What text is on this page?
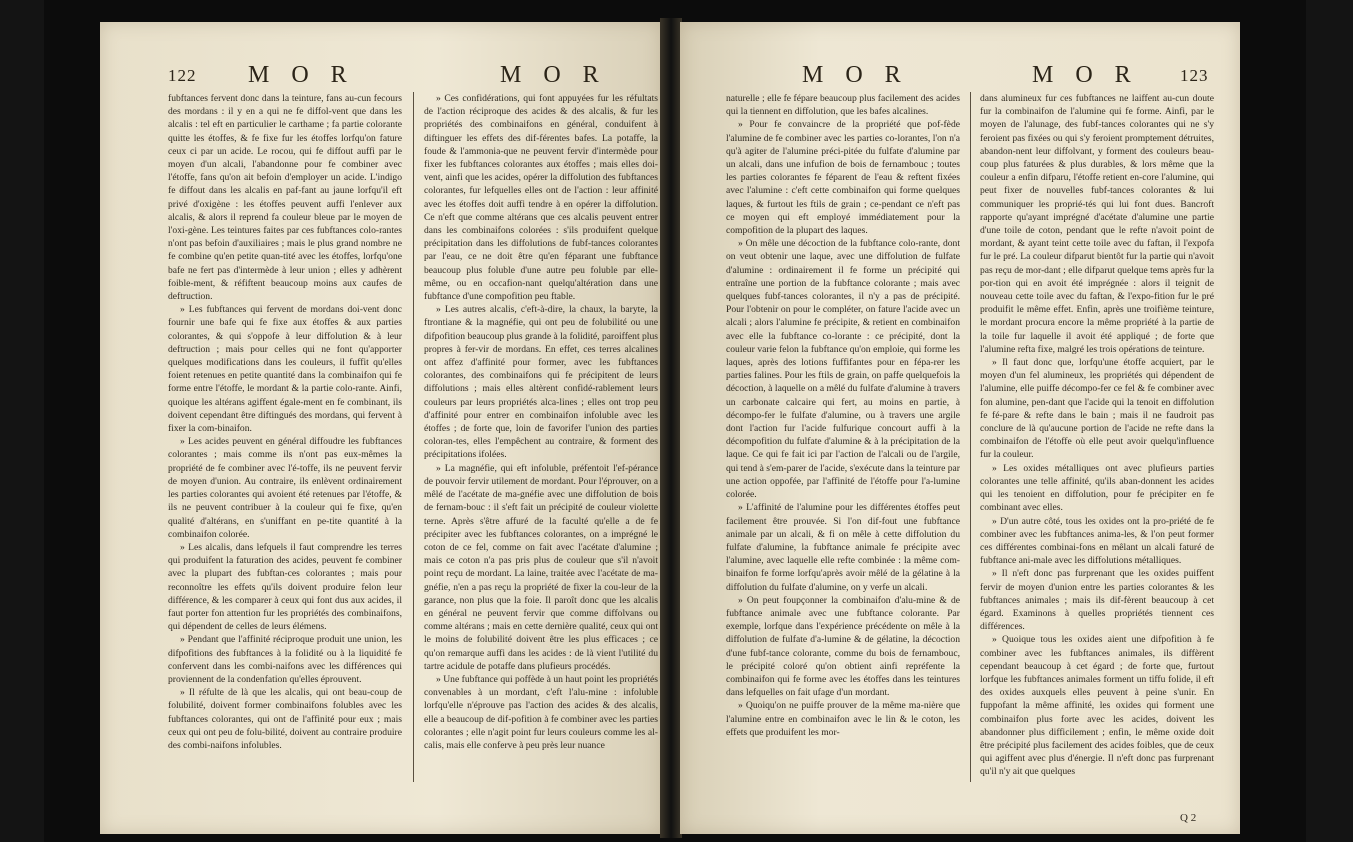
122 M O R	M O R

fubftances fervent donc dans la teinture, fans au-cun fecours des mordans : il y en a qui ne fe diffol-vent que dans les alcalis : tel eft en particulier le carthame ; fa partie colorante quitte les étoffes, & fe fixe fur les étoffes lorfqu'on fature ceux ci par un acide. Le rocou, qui fe diffout auffi par le moyen d'un alcali, l'abandonne pour fe combiner avec l'étoffe, fans qu'on ait befoin d'employer un acide. L'indigo fe diffout dans les alcalis en paf-fant au jaune lorfqu'il eft privé d'oxigène : les étoffes peuvent auffi l'enlever aux alcalis, & alors il reprend fa couleur bleue par le moyen de l'oxi-gène. Les teintures faites par ces fubftances colo-rantes n'ont pas befoin d'auxiliaires ; mais le plus grand nombre ne fe combine qu'en petite quan-tité avec les étoffes, lorfqu'one bafe ne fert pas d'intermède à leur union ; elles y adhèrent foible-ment, & réfiftent beaucoup moins aux caufes de deftruction.

» Les fubftances qui fervent de mordans doi-vent donc fournir une bafe qui fe fixe aux étoffes & aux parties colorantes, & qui s'oppofe à leur diffolution & à leur deftruction ; mais pour celles qui ne font qu'apporter quelques modifications dans les couleurs, il fuffit qu'elles foient retenues en petite quantité dans la combinaifon qui fe forme entre l'étoffe, le mordant & la partie colo-rante. Ainfi, quoique les altérans agiffent égale-ment en fe combinant, ils doivent cependant être diftingués des mordans, qui fervent à fixer la com-binaifon.

» Les acides peuvent en général diffoudre les fubftances colorantes ; mais comme ils n'ont pas eux-mêmes la propriété de fe combiner avec l'é-toffe, ils ne peuvent fervir de moyen d'union. Au contraire, ils enlèvent ordinairement les parties colorantes qui avoient été retenues par l'étoffe, & ils ne peuvent contribuer à la couleur qui fe fixe, qu'en qualité d'altérans, en s'uniffant en pe-tite quantité à la combinaifon colorée.

» Les alcalis, dans lefquels il faut comprendre les terres qui produifent la faturation des acides, peuvent fe combiner avec la plupart des fubftan-ces colorantes ; mais pour reconnoître les effets qu'ils doivent produire felon leur différence, & les comparer à ceux qui font dus aux acides, il faut porter fon attention fur les propriétés des combinaifons, qui dépendent de celles de leurs élémens.

» Pendant que l'affinité réciproque produit une union, les difpofitions des fubftances à la folidité ou à la liquidité fe confervent dans les combi-naifons avec les différences qui proviennent de la condenfation qu'elles éprouvent.

» Il réfulte de là que les alcalis, qui ont beau-coup de folubilité, doivent former combinaifons folubles avec les fubftances colorantes, qui ont de l'affinité pour eux ; mais ceux qui ont peu de folu-bilité, doivent au contraire produire des combi-naifons infolubles.

» Ces confidérations, qui font appuyées fur les réfultats de l'action réciproque des acides & des alcalis, & fur les propriétés des combinaifons en général, conduifent à diftinguer les effets des dif-férentes bafes. La potaffe, la foude & l'ammonia-que ne peuvent fervir d'intermède pour fixer les fubftances colorantes aux étoffes ; mais elles doi-vent, ainfi que les acides, opérer la diffolution des fubftances colorantes, fur lefquelles elles ont de l'action : leur affinité avec les étoffes doit auffi tendre à en opérer la diffolution. Ce n'eft que comme altérans que ces alcalis peuvent entrer dans les combinaifons colorées : s'ils produifent quelque précipitation dans les diffolutions de fubf-tances colorantes par l'eau, ce ne doit être qu'en féparant une fubftance beaucoup plus foluble d'une autre peu foluble par elle-même, ou en occafion-nant quelqu'altération dans une fubftance d'une compofition peu ftable.

» Les autres alcalis, c'eft-à-dire, la chaux, la baryte, la ftrontiane & la magnéfie, qui ont peu de folubilité ou une difpofition beaucoup plus grande à la folidité, paroiffent plus propres à fer-vir de mordans. En effet, ces terres alcalines ont affez d'affinité pour former, avec les fubftances colorantes, des combinaifons qui fe précipitent de leurs diffolutions ; mais elles altèrent confidé-rablement leurs couleurs par leurs propriétés alca-lines ; elles ont trop peu d'affinité pour entrer en combinaifon infoluble avec les étoffes ; de forte que, loin de favorifer l'union des parties coloran-tes, elles l'empêchent au contraire, & forment des précipitations ifolées.

» La magnéfie, qui eft infoluble, préfentoit l'ef-pérance de pouvoir fervir utilement de mordant. Pour l'éprouver, on a mêlé de l'acétate de ma-gnéfie avec une diffolution de bois de fernam-bouc : il s'eft fait un précipité de couleur violette terne. Après s'être affuré de la faculté qu'elle a de fe précipiter avec les fubftances colorantes, on a imprégné le coton de ce fel, comme on fait avec l'acétate d'alumine ; mais ce coton n'a pas pris plus de couleur que s'il n'avoit point reçu de mordant. La laine, traitée avec l'acétate de ma-gnéfie, n'en a pas reçu la propriété de fixer la cou-leur de la garance, non plus que la foie. Il paroît donc que les alcalis en général ne peuvent fervir que comme diffolvans ou comme altérans ; mais en cette dernière qualité, ceux qui ont le moins de folubilité doivent être les plus efficaces ; ce qu'on remarque auffi dans les acides : de là vient l'utilité du tartre acidule de potaffe dans plufieurs procédés.

» Une fubftance qui poffède à un haut point les propriétés convenables à un mordant, c'eft l'alu-mine : infoluble lorfqu'elle n'éprouve pas l'action des acides & des alcalis, elle a beaucoup de dif-pofition à fe combiner avec les parties colorantes ; elle n'agit point fur leurs couleurs comme les al-calis, mais elle conferve à peu près leur nuance

M O R	M O R 123

naturelle ; elle fe fépare beaucoup plus facilement des acides qui la tiennent en diffolution, que les bafes alcalines.

» Pour fe convaincre de la propriété que pof-fède l'alumine de fe combiner avec les parties co-lorantes, l'on n'a qu'à agiter de l'alumine préci-pitée du fulfate d'alumine par un alcali, dans une infufion de bois de fernambouc ; toutes les parties colorantes fe féparent de l'eau & reftent fixées avec l'alumine : c'eft cette combinaifon qui forme quelques laques, & furtout les ftils de grain ; ce-pendant ce n'eft pas ce moyen qui eft employé immédiatement pour la compofition de la plupart des laques.

» On mêle une décoction de la fubftance colo-rante, dont on veut obtenir une laque, avec une diffolution de fulfate d'alumine : ordinairement il fe forme un précipité qui entraîne une portion de la fubftance colorante ; mais avec quelques fubf-tances colorantes, il n'y a pas de précipité. Pour l'obtenir on pour le compléter, on fature l'acide avec un alcali ; alors l'alumine fe précipite, & retient en combinaifon avec elle la fubftance co-lorante : ce précipité, dont la couleur varie felon la fubftance qu'on emploie, qui forme les laques, après des lotions fuffifantes pour en fépa-rer les parties falines. Pour les ftils de grain, on paffe quelquefois la décoction, à laquelle on a mêlé du fulfate d'alumine à travers un carbonate calcaire qui fert, au moins en partie, à décompo-fer le fulfate d'alumine, ou à travers une argile dont l'action fur l'acide fulfurique concourt auffi à la décompofition du fulfate d'alumine & à la précipitation de la laque. Ce qui fe fait ici par l'action de l'alcali ou de l'argile, qui tend à s'em-parer de l'acide, s'exécute dans la teinture par une action oppofée, par l'affinité de l'étoffe pour l'a-lumine colorée.

» L'affinité de l'alumine pour les différentes étoffes peut facilement être prouvée. Si l'on dif-fout une fubftance animale par un alcali, & fi on mêle à cette diffolution du fulfate d'alumine, la fubftance animale fe précipite avec l'alumine, avec laquelle elle refte combinée : la même com-binaifon fe forme lorfqu'après avoir mêlé de la gélatine à la diffolution du fulfate d'alumine, on y verfe un alcali.

» On peut foupçonner la combinaifon d'alu-mine & de fubftance animale avec une fubftance colorante. Par exemple, lorfque dans l'expérience précédente on mêle à la diffolution de fulfate d'a-lumine & de gélatine, la décoction d'une fubf-tance colorante, comme du bois de fernambouc, le précipité coloré qu'on obtient ainfi repréfente la combinaifon qui fe forme avec les étoffes dans les teintures dans lefquelles on fait ufage d'un mordant.

» Quoiqu'on ne puiffe prouver de la même ma-nière que l'alumine entre en combinaifon avec le lin & le coton, les effets que produifent les mor-

dans alumineux fur ces fubftances ne laiffent au-cun doute fur la combinaifon de l'alumine qui fe forme. Ainfi, par le moyen de l'alunage, des fubf-tances colorantes qui ne s'y feroient pas fixées ou qui s'y feroient promptement détruites, abandon-nent leur diffolvant, y forment des couleurs beau-coup plus faturées & plus durables, & lors même que la couleur a enfin difparu, l'étoffe retient en-core l'alumine, qui peut fixer de nouvelles fubf-tances colorantes & lui communiquer les proprié-tés qui lui font dues. Bancroft rapporte qu'ayant imprégné d'acétate d'alumine une partie d'une toile de coton, pendant que le refte n'avoit point de mordant, & ayant teint cette toile avec du faftan, il l'expofa fur le pré. La couleur difparut bientôt fur la partie qui n'avoit pas reçu de mor-dant ; elle difparut quelque tems après fur la por-tion qui en avoit été imprégnée : alors il teignit de nouveau cette toile avec du faftan, & l'expo-fition fur le pré produifit le même effet. Enfin, après une troifième teinture, le mordant procura encore la même propriété à la partie de la toile fur laquelle il avoit été appliqué ; de forte que l'alumine refta fixe, malgré les trois opérations de teinture.

» Il faut donc que, lorfqu'une étoffe acquiert, par le moyen d'un fel alumineux, les propriétés qui dépendent de l'alumine, elle puiffe décompo-fer ce fel & fe combiner avec fon alumine, pen-dant que l'acide qui la tenoit en diffolution fe fé-pare & refte dans le bain ; mais il ne faudroit pas conclure de là qu'aucune portion de l'acide ne refte dans la combinaifon de l'étoffe où elle peut avoir quelqu'influence fur la couleur.

» Les oxides métalliques ont avec plufieurs parties colorantes une telle affinité, qu'ils aban-donnent les acides qui les tenoient en diffolution, pour fe précipiter en fe combinant avec elles.

» D'un autre côté, tous les oxides ont la pro-priété de fe combiner avec les fubftances anima-les, & l'on peut former ces différentes combinai-fons en mêlant un alcali faturé de fubftance ani-male avec les diffolutions métalliques.

» Il n'eft donc pas furprenant que les oxides puiffent fervir de moyen d'union entre les parties colorantes & les fubftances animales ; mais ils dif-fèrent beaucoup à cet égard. Examinons à quelles propriétés tiennent ces différences.

» Quoique tous les oxides aient une difpofition à fe combiner avec les fubftances animales, ils diffèrent cependant beaucoup à cet égard ; de forte que, furtout lorfque les fubftances animales forment un tiffu folide, il eft des oxides auxquels elles peuvent à peine s'unir. En fuppofant la même affinité, les oxides qui forment une combinaifon plus forte avec les acides, doivent les abandonner plus difficilement ; enfin, le même oxide doit être précipité plus facilement des acides foibles, que de ceux qui agiffent avec plus d'énergie. Il n'eft donc pas furprenant qu'il n'y ait que quelques

Q 2
